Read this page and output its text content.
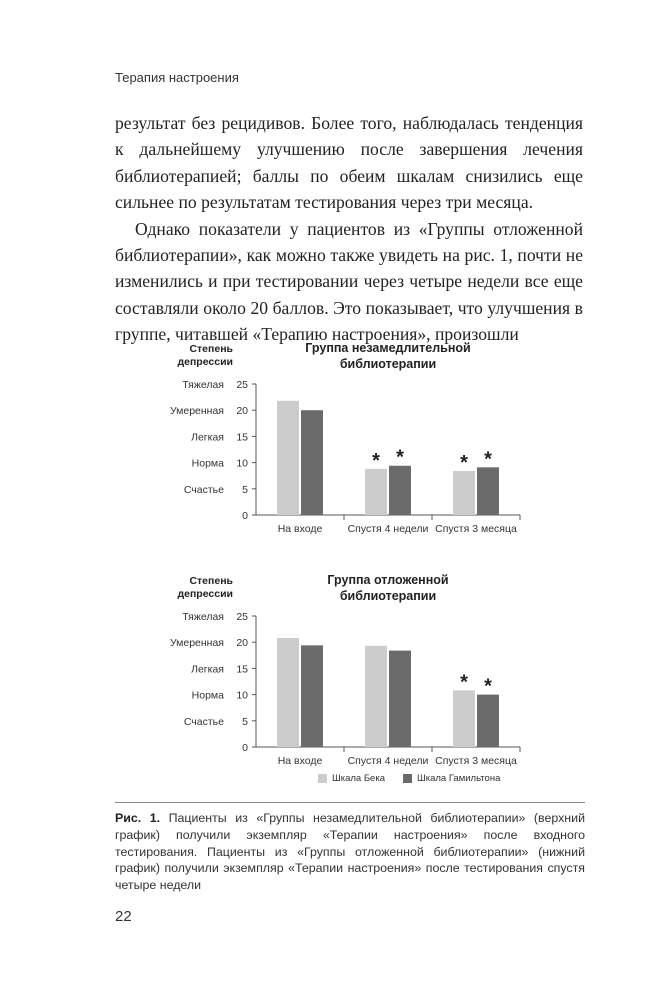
Терапия настроения

результат без рецидивов. Более того, наблюдалась тенденция к дальнейшему улучшению после завершения лечения библиотерапией; баллы по обеим шкалам снизились еще сильнее по результатам тестирования через три месяца.

Однако показатели у пациентов из «Группы отложенной библиотерапии», как можно также увидеть на рис. 1, почти не изменились и при тестировании через четыре недели все еще составляли около 20 баллов. Это показывает, что улучшения в группе, читавшей «Терапию настроения», произошли

Группа незамедлительной
библиотерапии
Степень
депрессии
0
5
10
15
20
25
Тяжелая
Умеренная
Легкая
Норма
Счастье
На входе
* *
Спустя 4 недели
* *
Спустя 3 месяца
Группа отложенной
библиотерапии
Степень
депрессии
0
5
10
15
20
25
Тяжелая
Умеренная
Легкая
Норма
Счастье
На входе Спустя 4 недели
* *
Спустя 3 месяца
Шкала Бека	Шкала Гамильтона
Рис. 1. Пациенты из «Группы незамедлительной библиотерапии» (верхний график) получили экземпляр «Терапии настроения» после входного тестирования. Пациенты из «Группы отложенной библиотерапии» (нижний график) получили экземпляр «Терапии настроения» после тестирования спустя четыре недели
22
